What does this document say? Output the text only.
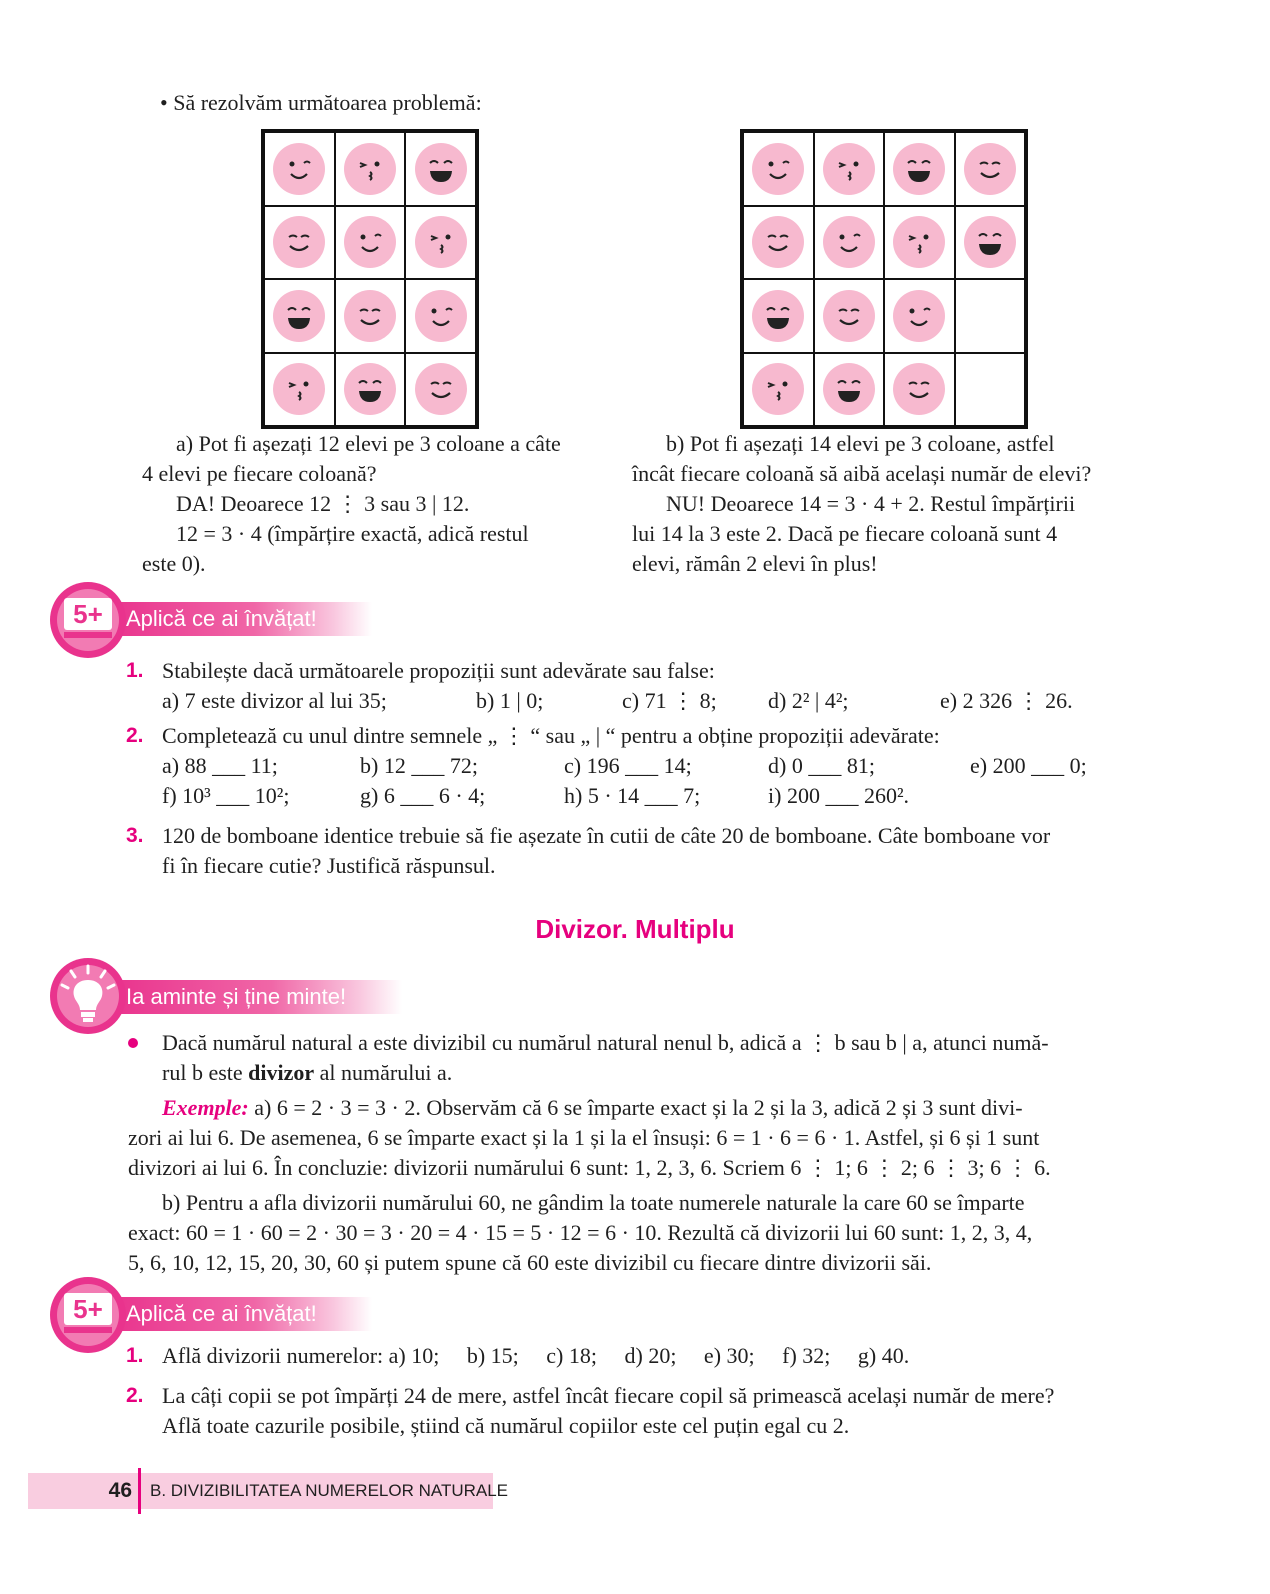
• Să rezolvăm următoarea problemă:
a) Pot fi așezați 12 elevi pe 3 coloane a câte
4 elevi pe fiecare coloană?
DA! Deoarece 12 ⋮ 3 sau 3 | 12.
12 = 3 · 4 (împărțire exactă, adică restul
este 0).
b) Pot fi așezați 14 elevi pe 3 coloane, astfel
încât fiecare coloană să aibă același număr de elevi?
NU! Deoarece 14 = 3 · 4 + 2. Restul împărțirii
lui 14 la 3 este 2. Dacă pe fiecare coloană sunt 4
elevi, rămân 2 elevi în plus!
Aplică ce ai învățat!
5+
1. Stabilește dacă următoarele propoziții sunt adevărate sau false:
a) 7 este divizor al lui 35;	b) 1 | 0;	c) 71 ⋮ 8; d) 2² | 4²;	e) 2 326 ⋮ 26.
2. Completează cu unul dintre semnele „ ⋮ “ sau „ | “ pentru a obține propoziții adevărate:
a) 88 ___ 11;	b) 12 ___ 72;	c) 196 ___ 14;	d) 0 ___ 81;	e) 200 ___ 0;
f) 10³ ___ 10²;	g) 6 ___ 6 · 4;	h) 5 · 14 ___ 7;	i) 200 ___ 260².
3. 120 de bomboane identice trebuie să fie așezate în cutii de câte 20 de bomboane. Câte bomboane vor
fi în fiecare cutie? Justifică răspunsul.
Divizor. Multiplu
Ia aminte și ține minte!
Dacă numărul natural a este divizibil cu numărul natural nenul b, adică a ⋮ b sau b | a, atunci numă-
rul b este divizor al numărului a.
Exemple: a) 6 = 2 · 3 = 3 · 2. Observăm că 6 se împarte exact și la 2 și la 3, adică 2 și 3 sunt divi-
zori ai lui 6. De asemenea, 6 se împarte exact și la 1 și la el însuși: 6 = 1 · 6 = 6 · 1. Astfel, și 6 și 1 sunt
divizori ai lui 6. În concluzie: divizorii numărului 6 sunt: 1, 2, 3, 6. Scriem 6 ⋮ 1; 6 ⋮ 2; 6 ⋮ 3; 6 ⋮ 6.
b) Pentru a afla divizorii numărului 60, ne gândim la toate numerele naturale la care 60 se împarte
exact: 60 = 1 · 60 = 2 · 30 = 3 · 20 = 4 · 15 = 5 · 12 = 6 · 10. Rezultă că divizorii lui 60 sunt: 1, 2, 3, 4,
5, 6, 10, 12, 15, 20, 30, 60 și putem spune că 60 este divizibil cu fiecare dintre divizorii săi.
Aplică ce ai învățat!
5+
1. Află divizorii numerelor: a) 10;     b) 15;     c) 18;     d) 20;     e) 30;     f) 32;     g) 40.
2. La câți copii se pot împărți 24 de mere, astfel încât fiecare copil să primească același număr de mere?
Află toate cazurile posibile, știind că numărul copiilor este cel puțin egal cu 2.
46 B. DIVIZIBILITATEA NUMERELOR NATURALE
